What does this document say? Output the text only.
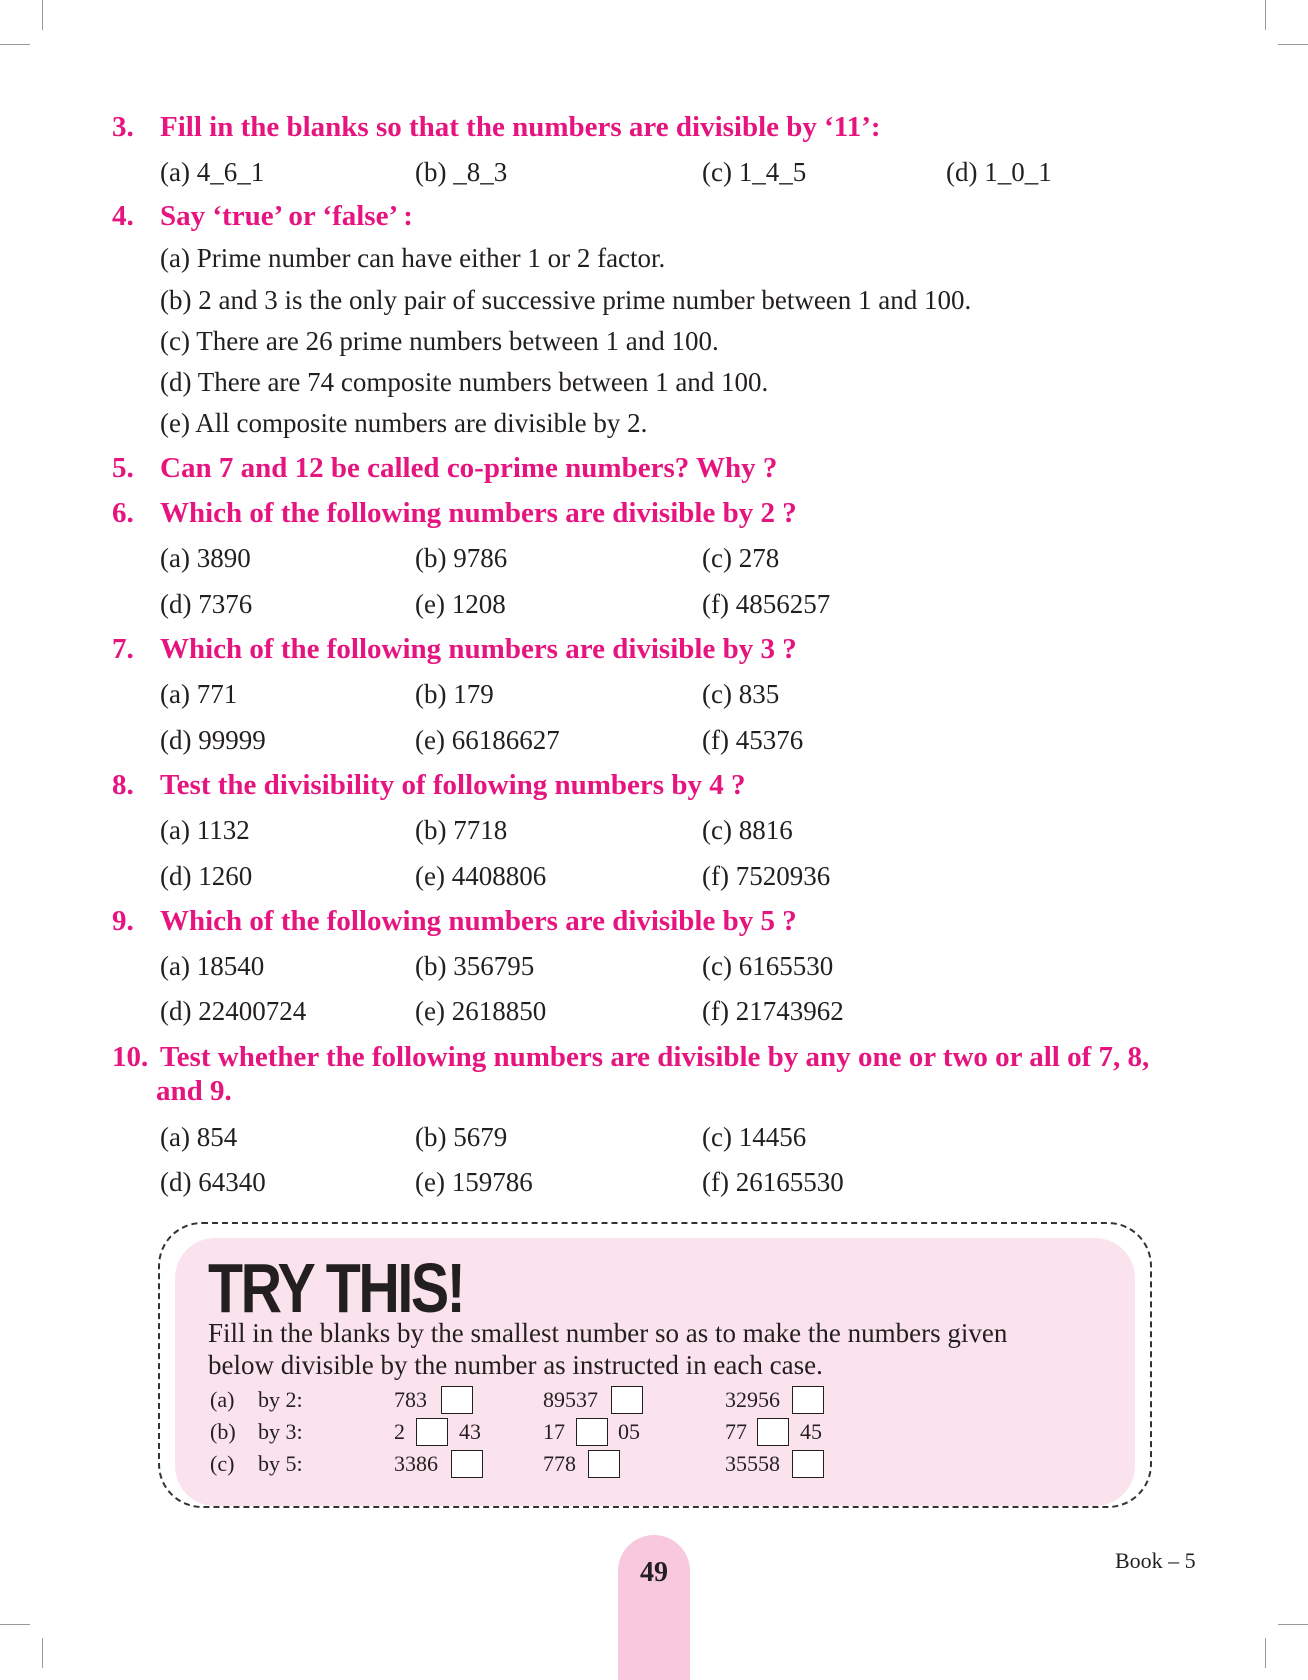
3. Fill in the blanks so that the numbers are divisible by ‘11’:
(a) 4_6_1	(b) _8_3	(c) 1_4_5	(d) 1_0_1
4. Say ‘true’ or ‘false’ :
(a) Prime number can have either 1 or 2 factor.
(b) 2 and 3 is the only pair of successive prime number between 1 and 100.
(c) There are 26 prime numbers between 1 and 100.
(d) There are 74 composite numbers between 1 and 100.
(e) All composite numbers are divisible by 2.
5. Can 7 and 12 be called co-prime numbers? Why ?
6. Which of the following numbers are divisible by 2 ?
(a) 3890	(b) 9786	(c) 278
(d) 7376	(e) 1208	(f) 4856257
7. Which of the following numbers are divisible by 3 ?
(a) 771	(b) 179	(c) 835
(d) 99999	(e) 66186627	(f) 45376
8. Test the divisibility of following numbers by 4 ?
(a) 1132	(b) 7718	(c) 8816
(d) 1260	(e) 4408806	(f) 7520936
9. Which of the following numbers are divisible by 5 ?
(a) 18540	(b) 356795	(c) 6165530
(d) 22400724	(e) 2618850	(f) 21743962
10. Test whether the following numbers are divisible by any one or two or all of 7, 8, and 9.
(a) 854	(b) 5679	(c) 14456
(d) 64340	(e) 159786	(f) 26165530
TRY THIS!
Fill in the blanks by the smallest number so as to make the numbers given
below divisible by the number as instructed in each case.
(a) by 2:	783	89537	32956
(b) by 3:	2 43	17 05	77 45
(c) by 5:	3386	778	35558
49	Book – 5
